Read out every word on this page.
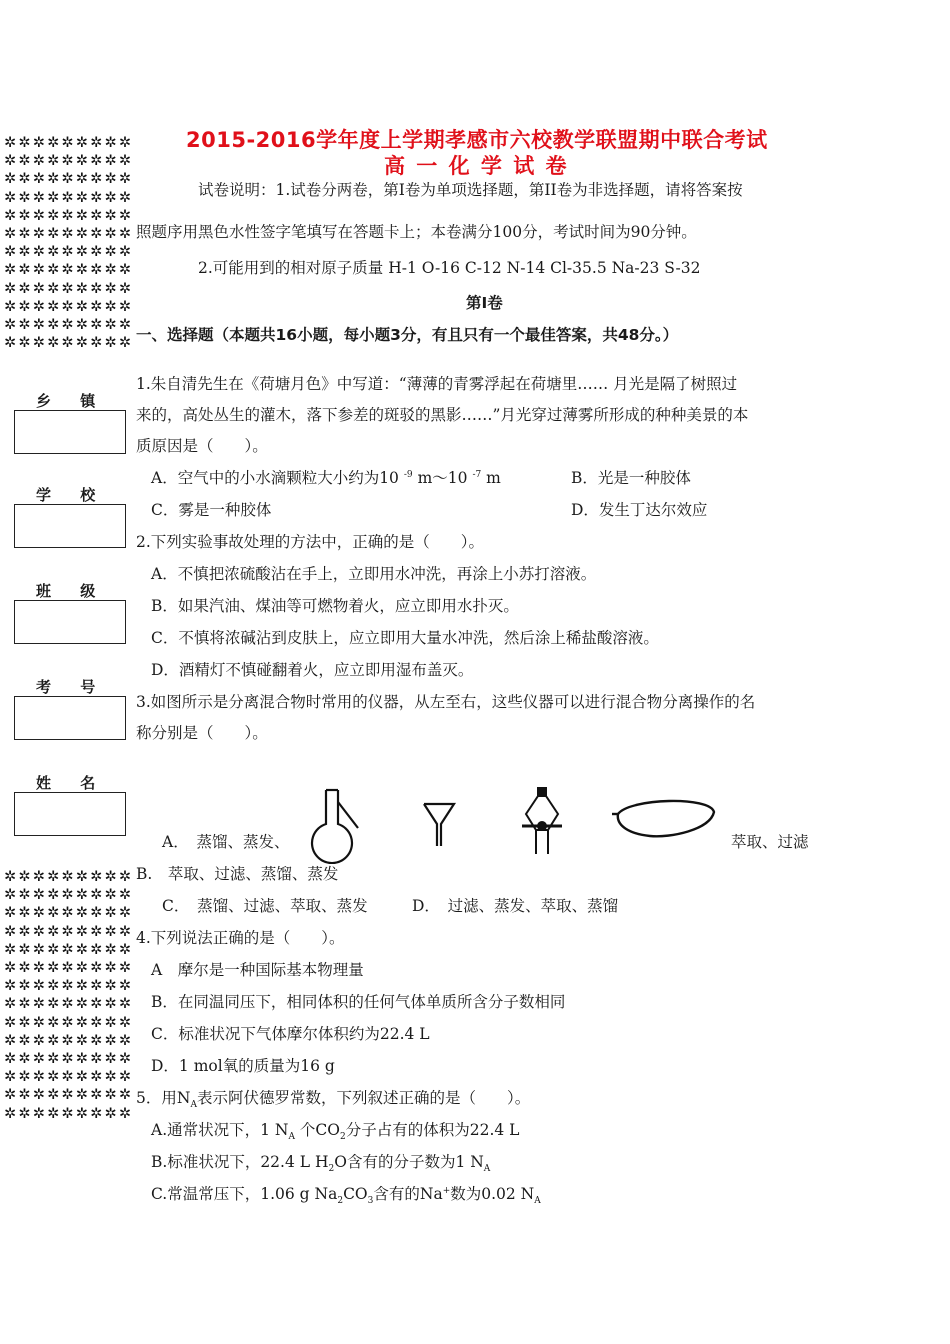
✲ ✲ ✲ ✲ ✲ ✲ ✲ ✲ ✲
✲ ✲ ✲ ✲ ✲ ✲ ✲ ✲ ✲
✲ ✲ ✲ ✲ ✲ ✲ ✲ ✲ ✲
✲ ✲ ✲ ✲ ✲ ✲ ✲ ✲ ✲
✲ ✲ ✲ ✲ ✲ ✲ ✲ ✲ ✲
✲ ✲ ✲ ✲ ✲ ✲ ✲ ✲ ✲
✲ ✲ ✲ ✲ ✲ ✲ ✲ ✲ ✲
✲ ✲ ✲ ✲ ✲ ✲ ✲ ✲ ✲
✲ ✲ ✲ ✲ ✲ ✲ ✲ ✲ ✲
✲ ✲ ✲ ✲ ✲ ✲ ✲ ✲ ✲
✲ ✲ ✲ ✲ ✲ ✲ ✲ ✲ ✲
✲ ✲ ✲ ✲ ✲ ✲ ✲ ✲ ✲
✲ ✲ ✲ ✲ ✲ ✲ ✲ ✲ ✲
✲ ✲ ✲ ✲ ✲ ✲ ✲ ✲ ✲
✲ ✲ ✲ ✲ ✲ ✲ ✲ ✲ ✲
✲ ✲ ✲ ✲ ✲ ✲ ✲ ✲ ✲
✲ ✲ ✲ ✲ ✲ ✲ ✲ ✲ ✲
✲ ✲ ✲ ✲ ✲ ✲ ✲ ✲ ✲
✲ ✲ ✲ ✲ ✲ ✲ ✲ ✲ ✲
✲ ✲ ✲ ✲ ✲ ✲ ✲ ✲ ✲
✲ ✲ ✲ ✲ ✲ ✲ ✲ ✲ ✲
✲ ✲ ✲ ✲ ✲ ✲ ✲ ✲ ✲
✲ ✲ ✲ ✲ ✲ ✲ ✲ ✲ ✲
✲ ✲ ✲ ✲ ✲ ✲ ✲ ✲ ✲
✲ ✲ ✲ ✲ ✲ ✲ ✲ ✲ ✲
✲ ✲ ✲ ✲ ✲ ✲ ✲ ✲ ✲
乡 镇
学 校
班 级
考 号
姓 名
2015-2016学年度上学期孝感市六校教学联盟期中联合考试
高 一 化 学 试 卷
试卷说明：1.试卷分两卷，第Ⅰ卷为单项选择题，第II卷为非选择题，请将答案按
照题序用黑色水性签字笔填写在答题卡上；本卷满分100分，考试时间为90分钟。
2.可能用到的相对原子质量 H-1 O-16 C-12 N-14 Cl-35.5 Na-23 S-32
第Ⅰ卷
一、选择题（本题共16小题，每小题3分，有且只有一个最佳答案，共48分。）
1.朱自清先生在《荷塘月色》中写道：“薄薄的青雾浮起在荷塘里…… 月光是隔了树照过
来的，高处丛生的灌木，落下参差的斑驳的黑影……”月光穿过薄雾所形成的种种美景的本
质原因是（　　）。
A．空气中的小水滴颗粒大小约为10 $^{-9}$ m～10 $^{-7}$ m	B．光是一种胶体
C．雾是一种胶体	D．发生丁达尔效应
2.下列实验事故处理的方法中，正确的是（　　）。
A．不慎把浓硫酸沾在手上，立即用水冲洗，再涂上小苏打溶液。
B．如果汽油、煤油等可燃物着火，应立即用水扑灭。
C．不慎将浓碱沾到皮肤上，应立即用大量水冲洗，然后涂上稀盐酸溶液。
D．酒精灯不慎碰翻着火，应立即用湿布盖灭。
3.如图所示是分离混合物时常用的仪器，从左至右，这些仪器可以进行混合物分离操作的名
称分别是（　　）。
A．　蒸馏、蒸发、	萃取、过滤
B.　萃取、过滤、蒸馏、蒸发
C．　蒸馏、过滤、萃取、蒸发	D．　过滤、蒸发、萃取、蒸馏
4.下列说法正确的是（　　）。
A　摩尔是一种国际基本物理量
B．在同温同压下，相同体积的任何气体单质所含分子数相同
C．标准状况下气体摩尔体积约为22.4 L
D．1 mol氧的质量为16 g
5．用$N_A$表示阿伏德罗常数，下列叙述正确的是（　　）。
A.通常状况下，1 $N_A$ 个$CO_2$分子占有的体积为22.4 L
B.标准状况下，22.4 L $H_2O$含有的分子数为1 $N_A$
C.常温常压下，1.06 g $Na_2CO_3$含有的Na+数为0.02 $N_A$
